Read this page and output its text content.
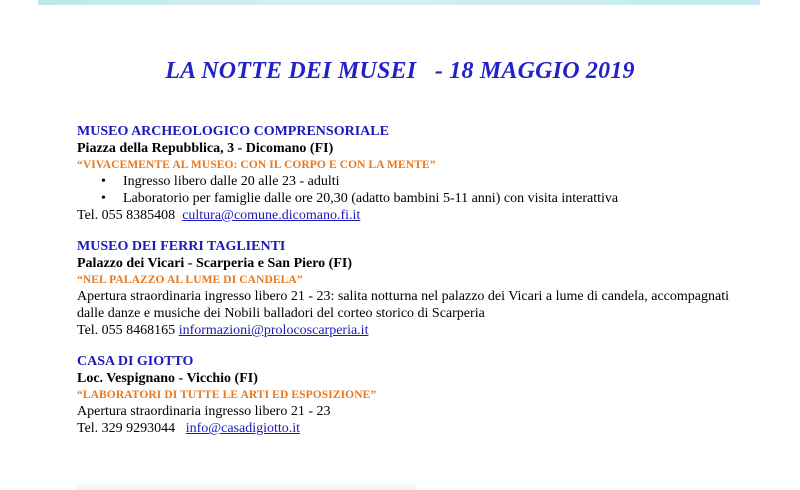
LA NOTTE DEI MUSEI   - 18 MAGGIO 2019
MUSEO ARCHEOLOGICO COMPRENSORIALE
Piazza della Repubblica, 3 - Dicomano (FI)
“VIVACEMENTE AL MUSEO: CON IL CORPO E CON LA MENTE”
• Ingresso libero dalle 20 alle 23 - adulti
• Laboratorio per famiglie dalle ore 20,30 (adatto bambini 5-11 anni) con visita interattiva
Tel. 055 8385408  cultura@comune.dicomano.fi.it
MUSEO DEI FERRI TAGLIENTI
Palazzo dei Vicari - Scarperia e San Piero (FI)
“NEL PALAZZO AL LUME DI CANDELA”
Apertura straordinaria ingresso libero 21 - 23: salita notturna nel palazzo dei Vicari a lume di candela, accompagnati dalle danze e musiche dei Nobili balladori del corteo storico di Scarperia
Tel. 055 8468165 informazioni@prolocoscarperia.it
CASA DI GIOTTO
Loc. Vespignano - Vicchio (FI)
“LABORATORI DI TUTTE LE ARTI ED ESPOSIZIONE”
Apertura straordinaria ingresso libero 21 - 23
Tel. 329 9293044   info@casadigiotto.it
